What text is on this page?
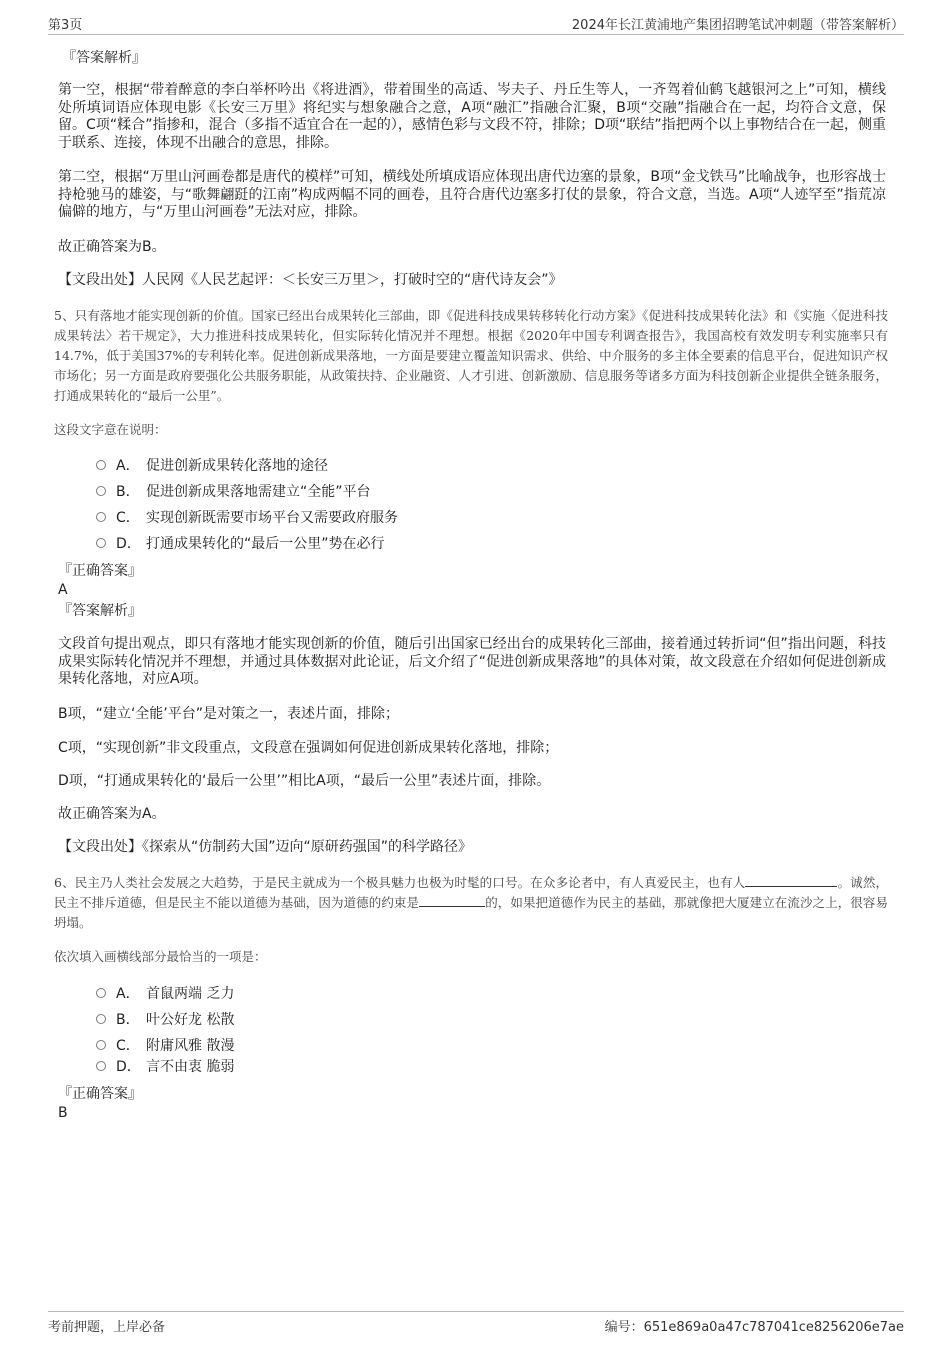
第3页	2024年长江黄浦地产集团招聘笔试冲刺题（带答案解析）
『答案解析』
第一空，根据“带着醉意的李白举杯吟出《将进酒》，带着围坐的高适、岑夫子、丹丘生等人，一齐驾着仙鹤飞越银河之上”可知，横线处所填词语应体现电影《长安三万里》将纪实与想象融合之意，A项“融汇”指融合汇聚，B项“交融”指融合在一起，均符合文意，保留。C项“糅合”指掺和，混合（多指不适宜合在一起的），感情色彩与文段不符，排除；D项“联结”指把两个以上事物结合在一起，侧重于联系、连接，体现不出融合的意思，排除。
第二空，根据“万里山河画卷都是唐代的模样”可知，横线处所填成语应体现出唐代边塞的景象，B项“金戈铁马”比喻战争，也形容战士持枪驰马的雄姿，与“歌舞翩跹的江南”构成两幅不同的画卷，且符合唐代边塞多打仗的景象，符合文意，当选。A项“人迹罕至”指荒凉偏僻的地方，与“万里山河画卷”无法对应，排除。
故正确答案为B。
【文段出处】人民网《人民艺起评：＜长安三万里＞，打破时空的“唐代诗友会”》
5、只有落地才能实现创新的价值。国家已经出台成果转化三部曲，即《促进科技成果转移转化行动方案》《促进科技成果转化法》和《实施〈促进科技成果转法〉若干规定》，大力推进科技成果转化，但实际转化情况并不理想。根据《2020年中国专利调查报告》，我国高校有效发明专利实施率只有14.7%，低于美国37%的专利转化率。促进创新成果落地，一方面是要建立覆盖知识需求、供给、中介服务的多主体全要素的信息平台，促进知识产权市场化；另一方面是政府要强化公共服务职能，从政策扶持、企业融资、人才引进、创新激励、信息服务等诸多方面为科技创新企业提供全链条服务，打通成果转化的“最后一公里”。
这段文字意在说明：
A． 促进创新成果转化落地的途径
B． 促进创新成果落地需建立“全能”平台
C． 实现创新既需要市场平台又需要政府服务
D． 打通成果转化的“最后一公里”势在必行
『正确答案』
A
『答案解析』
文段首句提出观点，即只有落地才能实现创新的价值，随后引出国家已经出台的成果转化三部曲，接着通过转折词“但”指出问题，科技成果实际转化情况并不理想，并通过具体数据对此论证，后文介绍了“促进创新成果落地”的具体对策，故文段意在介绍如何促进创新成果转化落地，对应A项。
B项，“建立‘全能’平台”是对策之一，表述片面，排除；
C项，“实现创新”非文段重点，文段意在强调如何促进创新成果转化落地，排除；
D项，“打通成果转化的‘最后一公里’”相比A项，“最后一公里”表述片面，排除。
故正确答案为A。
【文段出处】《探索从“仿制药大国”迈向“原研药强国”的科学路径》
6、民主乃人类社会发展之大趋势，于是民主就成为一个极具魅力也极为时髦的口号。在众多论者中，有人真爱民主，也有人	。诚然，民主不排斥道德，但是民主不能以道德为基础，因为道德的约束是	的，如果把道德作为民主的基础，那就像把大厦建立在流沙之上，很容易坍塌。
依次填入画横线部分最恰当的一项是：
A． 首鼠两端 乏力
B． 叶公好龙 松散
C． 附庸风雅 散漫
D． 言不由衷 脆弱
『正确答案』
B
考前押题，上岸必备	编号：651e869a0a47c787041ce8256206e7ae
